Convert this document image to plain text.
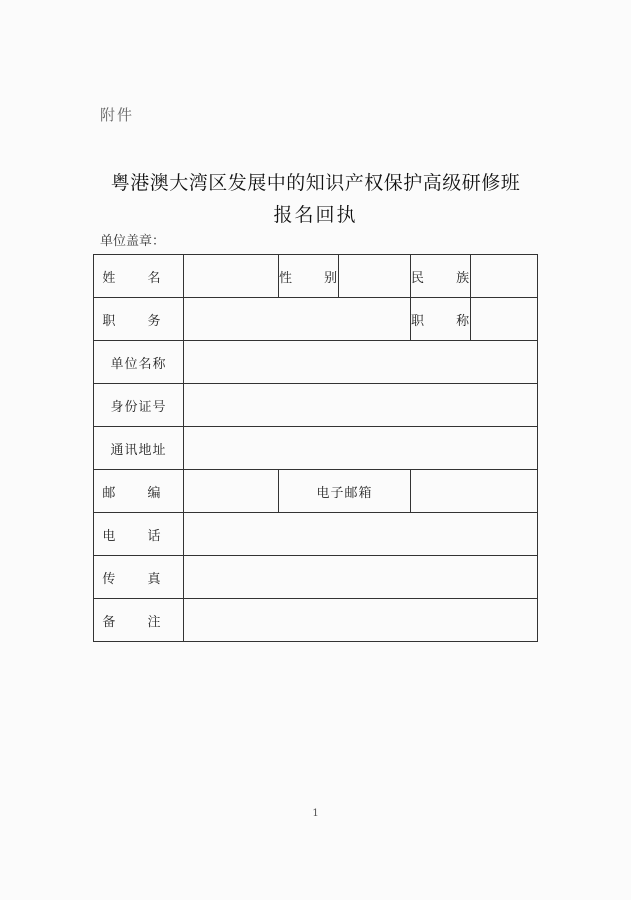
附件
粤港澳大湾区发展中的知识产权保护高级研修班
报名回执
单位盖章：
姓 名		性 别		民 族	
职 务				职 称	
单位名称					
身份证号					
通讯地址					
邮 编		电子邮箱			
电 话					
传 真					
备 注					
1
